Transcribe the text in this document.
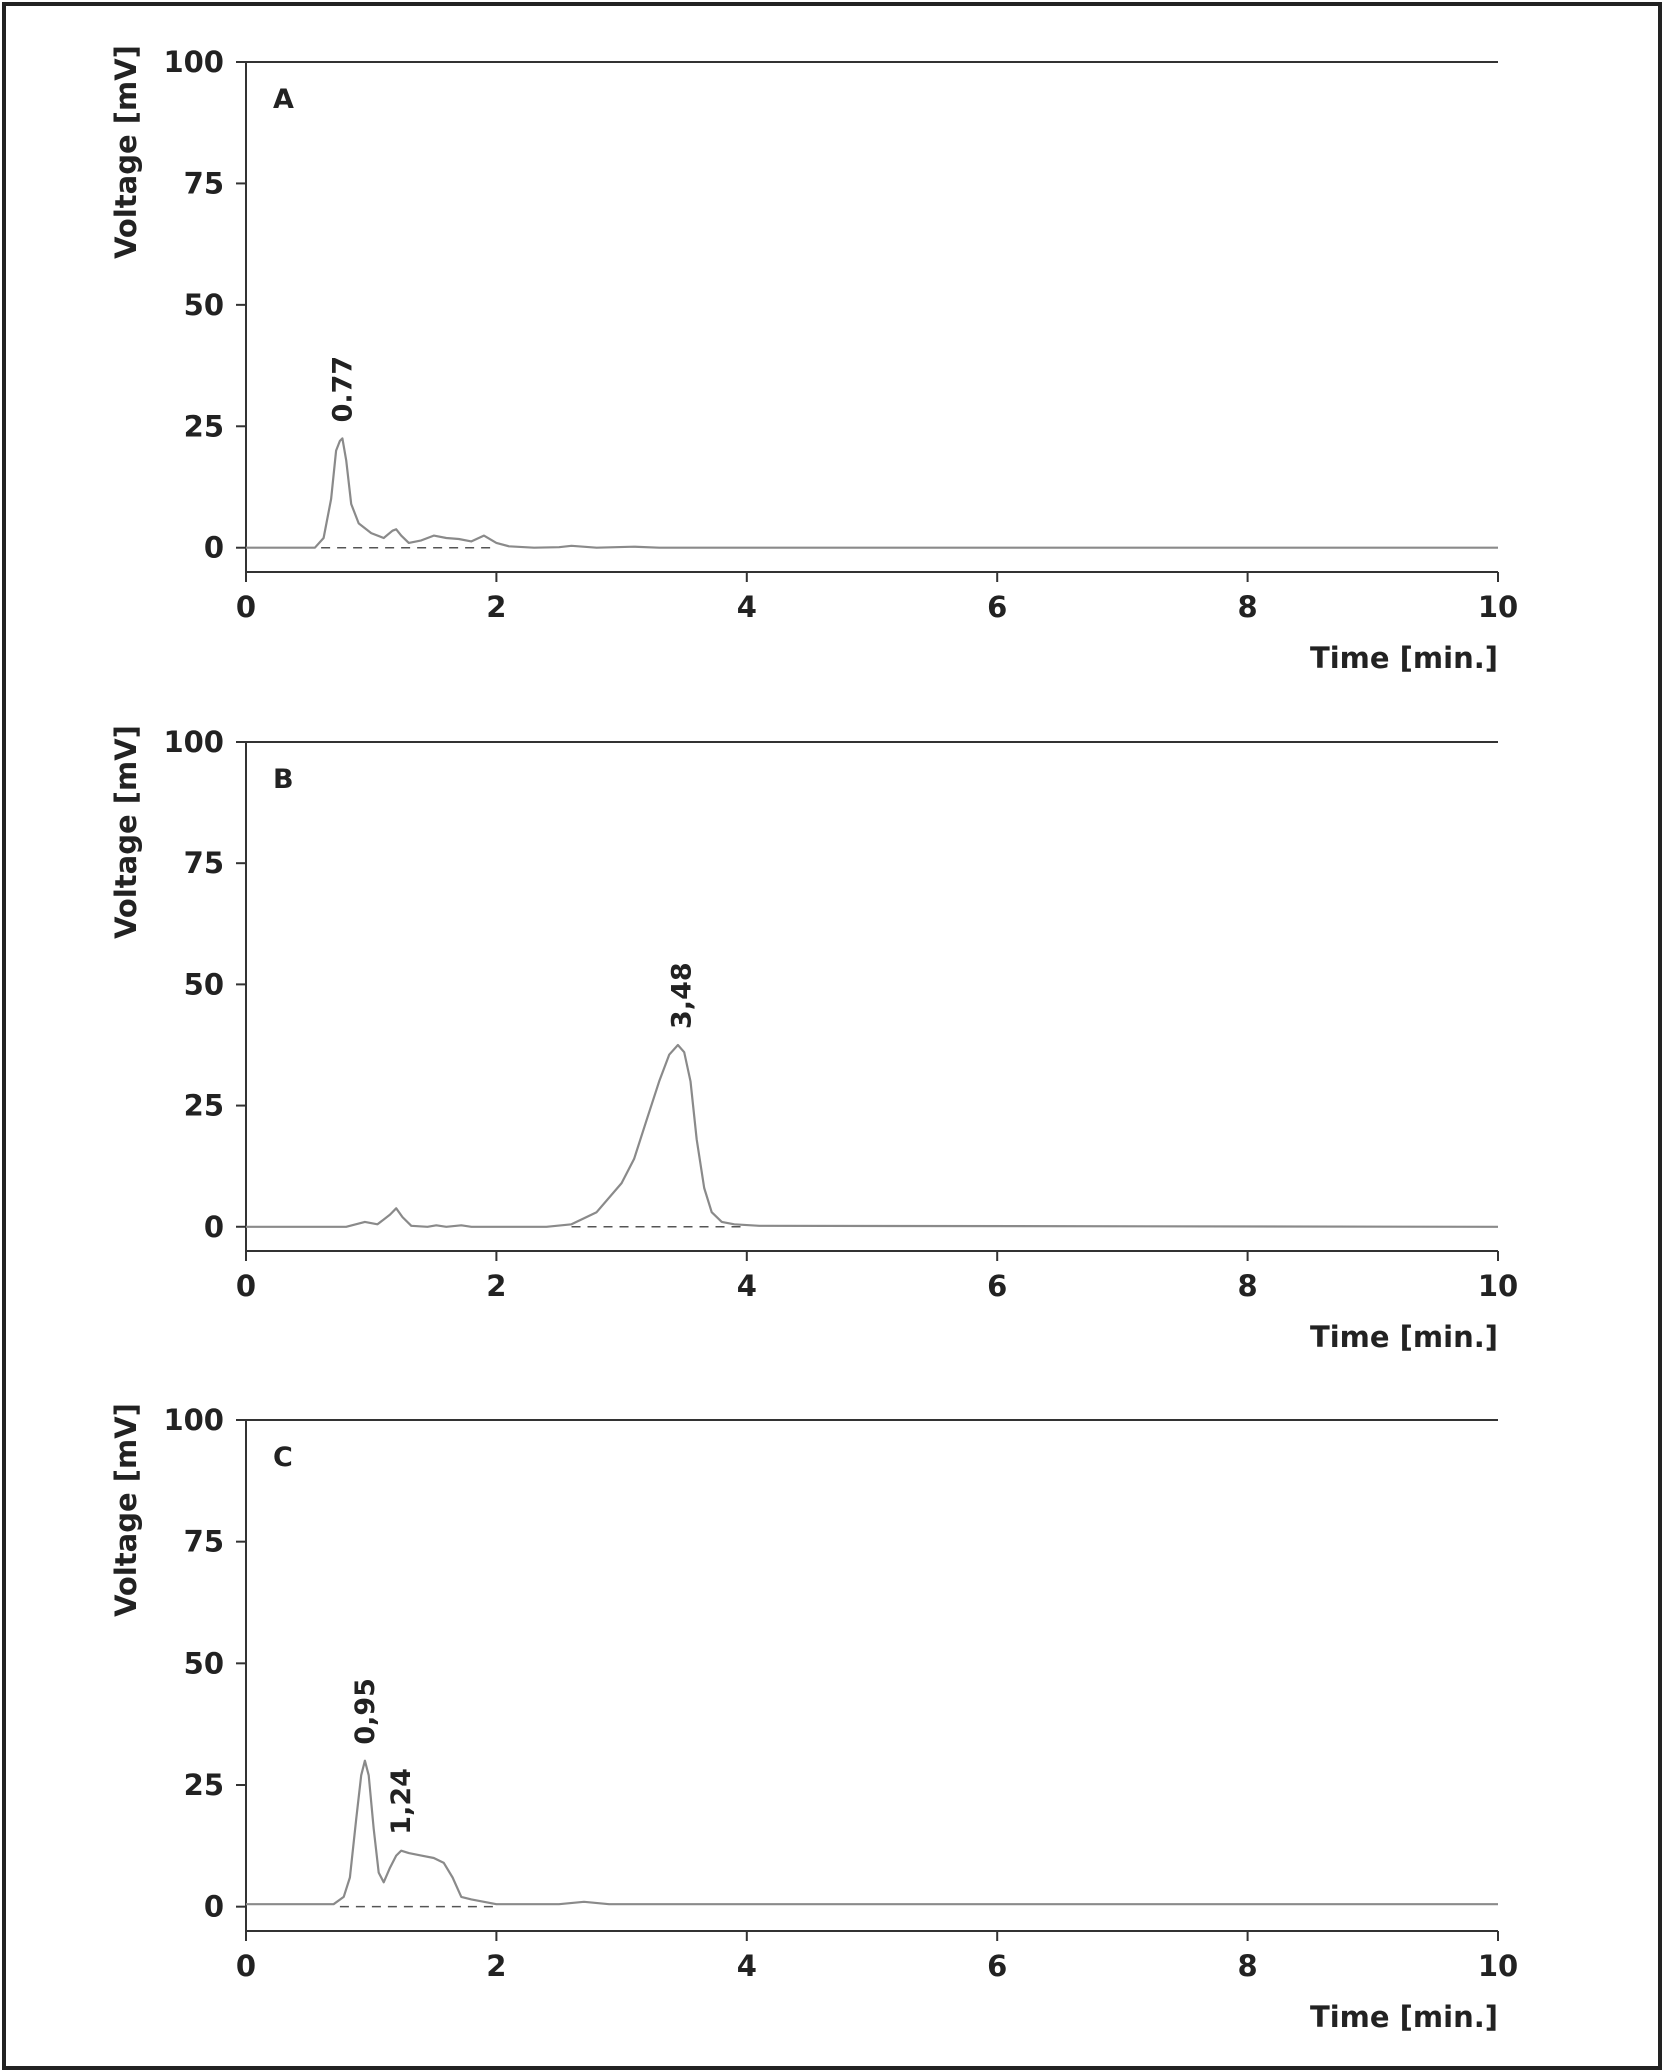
0
25
50
75
100
0	2	4	6	8	10
Time [min.]
Voltage [mV]	A
0.77
0
25
50
75
100
0	2	4	6	8	10
Time [min.]
Voltage [mV]	B
3,48
0
25
50
75
100
0	2	4	6	8	10
Time [min.]
Voltage [mV]	C
0,95
1,24
